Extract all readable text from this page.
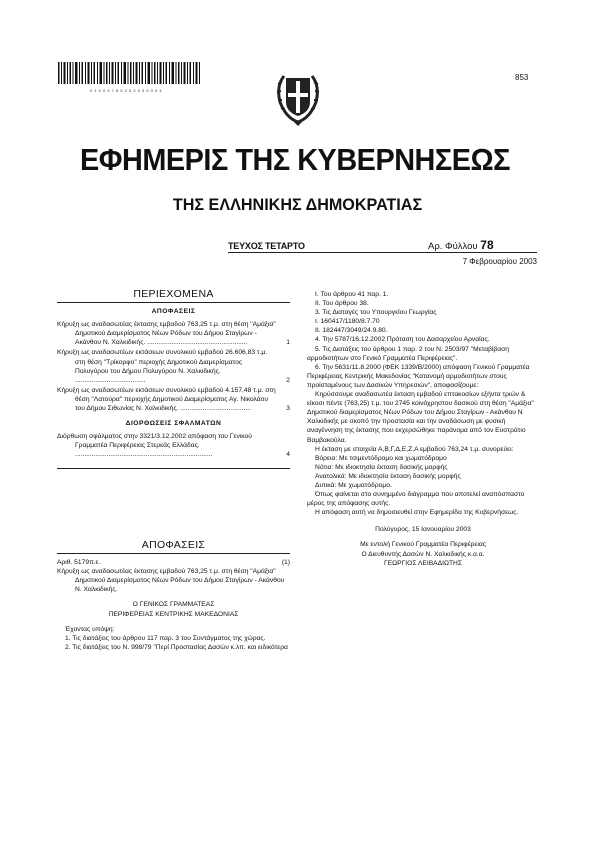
0 1 0 0 0 7 8 0 2 0 2 0 3 0 0 0 4
853
ΕΦΗΜΕΡΙΣ ΤΗΣ ΚΥΒΕΡΝΗΣΕΩΣ
ΤΗΣ ΕΛΛΗΝΙΚΗΣ ΔΗΜΟΚΡΑΤΙΑΣ
ΤΕΥΧΟΣ ΤΕΤΑΡΤΟ	Αρ. Φύλλου 78
7 Φεβρουαρίου 2003
ΠΕΡΙΕΧΟΜΕΝΑ
ΑΠΟΦΑΣΕΙΣ
Κήρυξη ως αναδασωτέας έκτασης εμβαδού 763,25 τ.μ. στη θέση "Αμάξια" Δημοτικού Διαμερίσματος Νέων Ρόδων του Δήμου Σταγίρων - Ακάνθου Ν. Χαλκιδικής. ......................................................	1
Κήρυξη ως αναδασωτέων εκτάσεων συνολικού εμβαδού 26.606,83 τ.μ. στη θέση "Τρίκορφο" περιοχής Δημοτικού Διαμερίσματος Πολυγύρου του Δήμου Πολυγύρου Ν. Χαλκιδικής. ......................................	2
Κήρυξη ως αναδασωτέων εκτάσεων συνολικού εμβαδού 4.157,48 τ.μ. στη θέση "Λατούρα" περιοχής Δημοτικού Διαμερίσματος Αγ. Νικολάου του Δήμου Σιθωνίας Ν. Χαλκιδικής. ......................................	3
ΔΙΟΡΘΩΣΕΙΣ ΣΦΑΛΜΑΤΩΝ
Διόρθωση σφάλματος στην 3321/3.12.2002 απόφαση του Γενικού Γραμματέα Περιφέρειας Στερεάς Ελλάδας. ..........................................................................	4
ΑΠΟΦΑΣΕΙΣ
Αριθ. 5179π.ε.	(1)

Κήρυξη ως αναδασωτέας έκτασης εμβαδού 763,25 τ.μ. στη θέση "Αμάξια" Δημοτικού Διαμερίσματος Νέων Ρόδων του Δήμου Σταγίρων - Ακάνθου Ν. Χαλκιδικής.

Ο ΓΕΝΙΚΟΣ ΓΡΑΜΜΑΤΕΑΣ
ΠΕΡΙΦΕΡΕΙΑΣ ΚΕΝΤΡΙΚΗΣ ΜΑΚΕΔΟΝΙΑΣ

Έχοντας υπόψη:

1. Τις διατάξεις του άρθρου 117 παρ. 3 του Συντάγματος της χώρας.

2. Τις διατάξεις του Ν. 998/79 "Περί Προστασίας Δασών κ.λπ. και ειδικότερα

I. Του άρθρου 41 παρ. 1.

II. Του άρθρου 38.

3. Τις Διαταγές του Υπουργείου Γεωργίας

I. 160417/1180/8.7.70

II. 182447/3049/24.9.80.

4. Την 5787/16.12.2002 Πρόταση του Δασαρχείου Αρναίας.

5. Τις Διατάξεις του άρθρου 1 παρ. 2 του Ν. 2503/97 "Μεταβίβαση αρμοδιοτήτων στο Γενικό Γραμματέα Περιφέρειας".

6. Την 5631/11.8.2000 (ΦΕΚ 1339/Β/2000) απόφαση Γενικού Γραμματέα Περιφέρειας Κεντρικής Μακεδονίας "Κατανομή αρμοδιοτήτων στους προϊσταμένους των Δασικών Υπηρεσιών", αποφασίζουμε:

Κηρύσσουμε αναδασωτέα έκταση εμβαδού επτακοσίων εξήντα τριών & είκοσι πέντε (763,25) τ.μ. του 2745 κοινόχρηστου δασικού στη θέση "Αμάξια" Δημοτικού διαμερίσματος Νέων Ρόδων του Δήμου Σταγίρων - Ακάνθου Ν Χαλκιδικής με σκοπό την προστασία και την αναδάσωση με φυσική αναγέννηση της έκτασης που εκχερσώθηκε παράνομα από τον Ευστράτιο Βαμβακούλα.

Η έκταση με στοιχεία Α,Β,Γ,Δ,Ε,Ζ,Α εμβαδού 763,24 τ.μ. συνορεύει:

Βόρεια: Με τσιμεντόδρομο και χωματόδρομο

Νότια: Με ιδιοκτησία έκταση δασικής μορφής

Ανατολικά: Με ιδιοκτησία έκταση δασικής μορφής

Δυτικά: Με χωματόδρομο.

Όπως φαίνεται στο συνημμένο διάγραμμα που αποτελεί αναπόσπαστο μέρος της απόφασης αυτής.

Η απόφαση αυτή να δημοσιευθεί στην Εφημερίδα της Κυβερνήσεως.

Πολύγυρος, 15 Ιανουαρίου 2003
Με εντολή Γενικού Γραμματέα Περιφέρειας
Ο Διευθυντής Δασών Ν. Χαλκιδικής κ.α.α.
ΓΕΩΡΓΙΟΣ ΛΕΙΒΑΔΙΩΤΗΣ
